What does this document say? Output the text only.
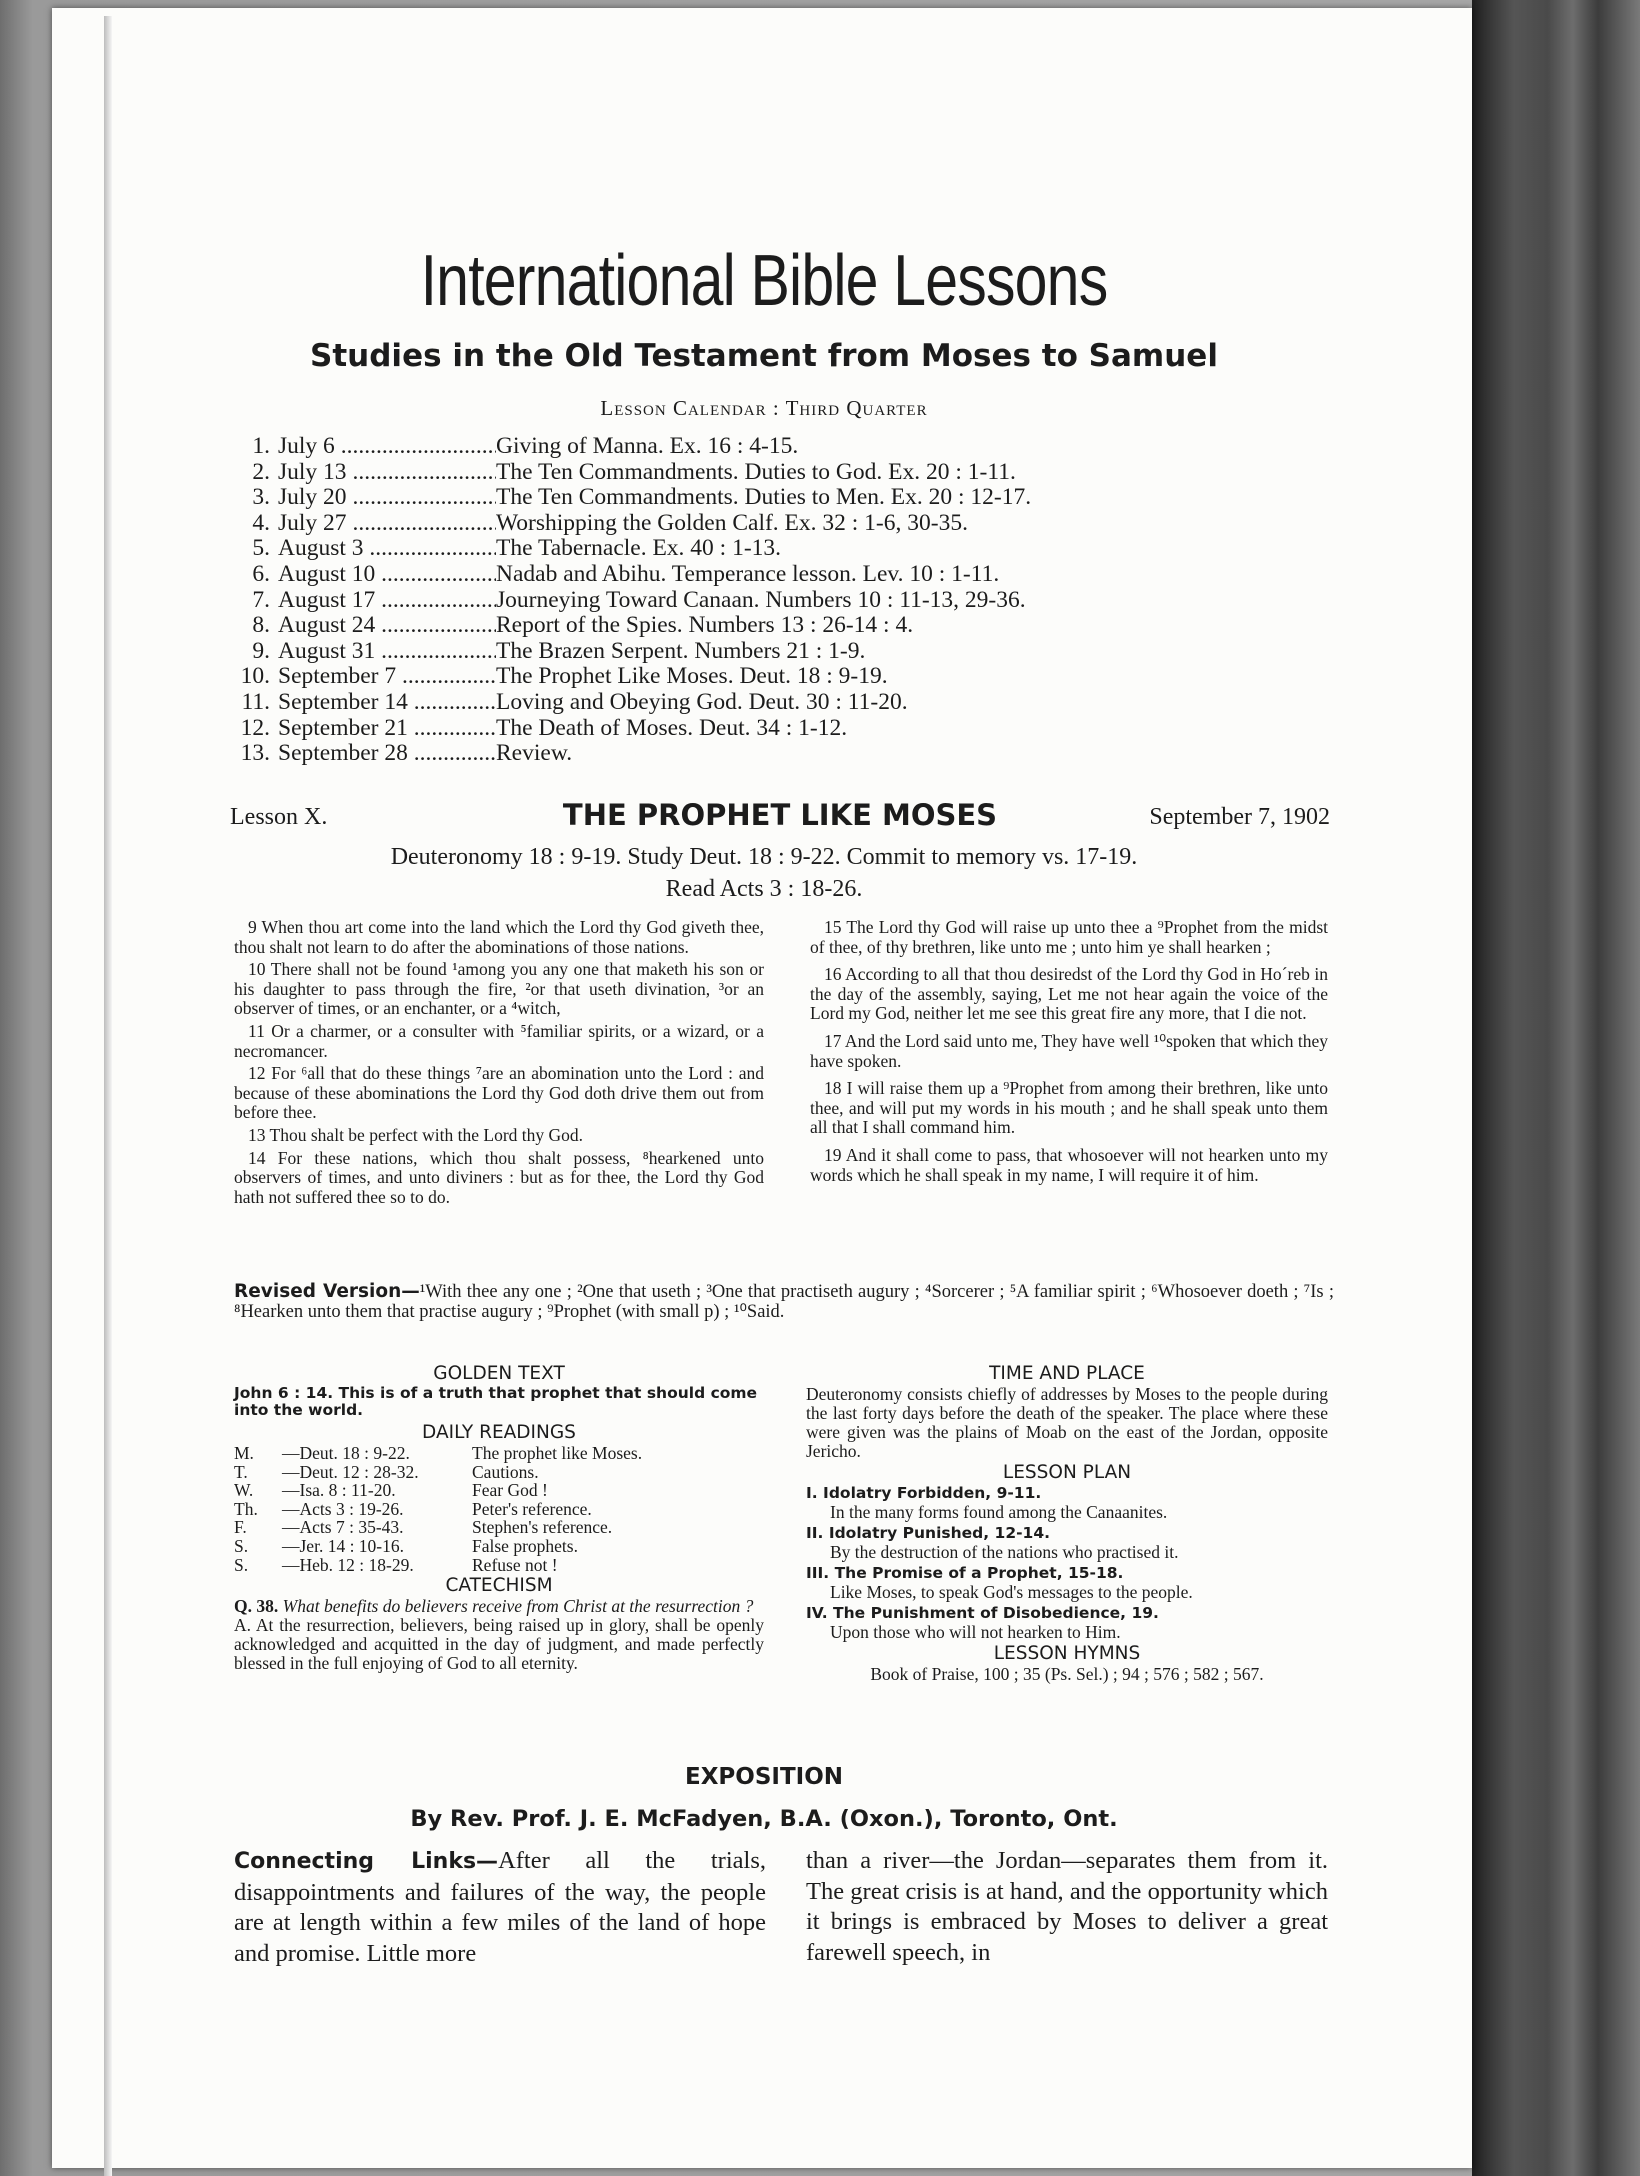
International Bible Lessons
Studies in the Old Testament from Moses to Samuel
Lesson Calendar : Third Quarter
1. July 6 .....	Giving of Manna. Ex. 16 : 4-15.
2. July 13 .....	The Ten Commandments. Duties to God. Ex. 20 : 1-11.
3. July 20 .....	The Ten Commandments. Duties to Men. Ex. 20 : 12-17.
4. July 27 .....	Worshipping the Golden Calf. Ex. 32 : 1-6, 30-35.
5. August 3 .....	The Tabernacle. Ex. 40 : 1-13.
6. August 10 .....	Nadab and Abihu. Temperance lesson. Lev. 10 : 1-11.
7. August 17 .....	Journeying Toward Canaan. Numbers 10 : 11-13, 29-36.
8. August 24 .....	Report of the Spies. Numbers 13 : 26-14 : 4.
9. August 31 .....	The Brazen Serpent. Numbers 21 : 1-9.
10. September 7 .....	The Prophet Like Moses. Deut. 18 : 9-19.
11. September 14 .....	Loving and Obeying God. Deut. 30 : 11-20.
12. September 21 .....	The Death of Moses. Deut. 34 : 1-12.
13. September 28 .....	Review.
THE PROPHET LIKE MOSES
Lesson X.	September 7, 1902
Deuteronomy 18 : 9-19. Study Deut. 18 : 9-22. Commit to memory vs. 17-19.
Read Acts 3 : 18-26.

9 When thou art come into the land which the Lord thy God giveth thee, thou shalt not learn to do after the abominations of those nations.

10 There shall not be found ¹among you any one that maketh his son or his daughter to pass through the fire, ²or that useth divination, ³or an observer of times, or an enchanter, or a ⁴witch,

11 Or a charmer, or a consulter with ⁵familiar spirits, or a wizard, or a necromancer.

12 For ⁶all that do these things ⁷are an abomination unto the Lord : and because of these abominations the Lord thy God doth drive them out from before thee.

13 Thou shalt be perfect with the Lord thy God.

14 For these nations, which thou shalt possess, ⁸hearkened unto observers of times, and unto diviners : but as for thee, the Lord thy God hath not suffered thee so to do.

15 The Lord thy God will raise up unto thee a ⁹Prophet from the midst of thee, of thy brethren, like unto me ; unto him ye shall hearken ;

16 According to all that thou desiredst of the Lord thy God in Ho´reb in the day of the assembly, saying, Let me not hear again the voice of the Lord my God, neither let me see this great fire any more, that I die not.

17 And the Lord said unto me, They have well ¹⁰spoken that which they have spoken.

18 I will raise them up a ⁹Prophet from among their brethren, like unto thee, and will put my words in his mouth ; and he shall speak unto them all that I shall command him.

19 And it shall come to pass, that whosoever will not hearken unto my words which he shall speak in my name, I will require it of him.

Revised Version—¹With thee any one ; ²One that useth ; ³One that practiseth augury ; ⁴Sorcerer ; ⁵A familiar spirit ; ⁶Whosoever doeth ; ⁷Is ; ⁸Hearken unto them that practise augury ; ⁹Prophet (with small p) ; ¹⁰Said.
GOLDEN TEXT
John 6 : 14. This is of a truth that prophet that should come into the world.
DAILY READINGS
M.	—Deut. 18 : 9-22.	The prophet like Moses.
T.	—Deut. 12 : 28-32.	Cautions.
W.	—Isa. 8 : 11-20.	Fear God !
Th.	—Acts 3 : 19-26.	Peter's reference.
F.	—Acts 7 : 35-43.	Stephen's reference.
S.	—Jer. 14 : 10-16.	False prophets.
S.	—Heb. 12 : 18-29.	Refuse not !
CATECHISM

Q. 38. What benefits do believers receive from Christ at the resurrection ?

A. At the resurrection, believers, being raised up in glory, shall be openly acknowledged and acquitted in the day of judgment, and made perfectly blessed in the full enjoying of God to all eternity.

TIME AND PLACE

Deuteronomy consists chiefly of addresses by Moses to the people during the last forty days before the death of the speaker. The place where these were given was the plains of Moab on the east of the Jordan, opposite Jericho.

LESSON PLAN
I. Idolatry Forbidden, 9-11.
In the many forms found among the Canaanites.
II. Idolatry Punished, 12-14.
By the destruction of the nations who practised it.
III. The Promise of a Prophet, 15-18.
Like Moses, to speak God's messages to the people.
IV. The Punishment of Disobedience, 19.
Upon those who will not hearken to Him.
LESSON HYMNS
Book of Praise, 100 ; 35 (Ps. Sel.) ; 94 ; 576 ; 582 ; 567.
EXPOSITION
By Rev. Prof. J. E. McFadyen, B.A. (Oxon.), Toronto, Ont.
Connecting Links—After all the trials, disappointments and failures of the way, the people are at length within a few miles of the land of hope and promise. Little more
than a river—the Jordan—separates them from it. The great crisis is at hand, and the opportunity which it brings is embraced by Moses to deliver a great farewell speech, in
